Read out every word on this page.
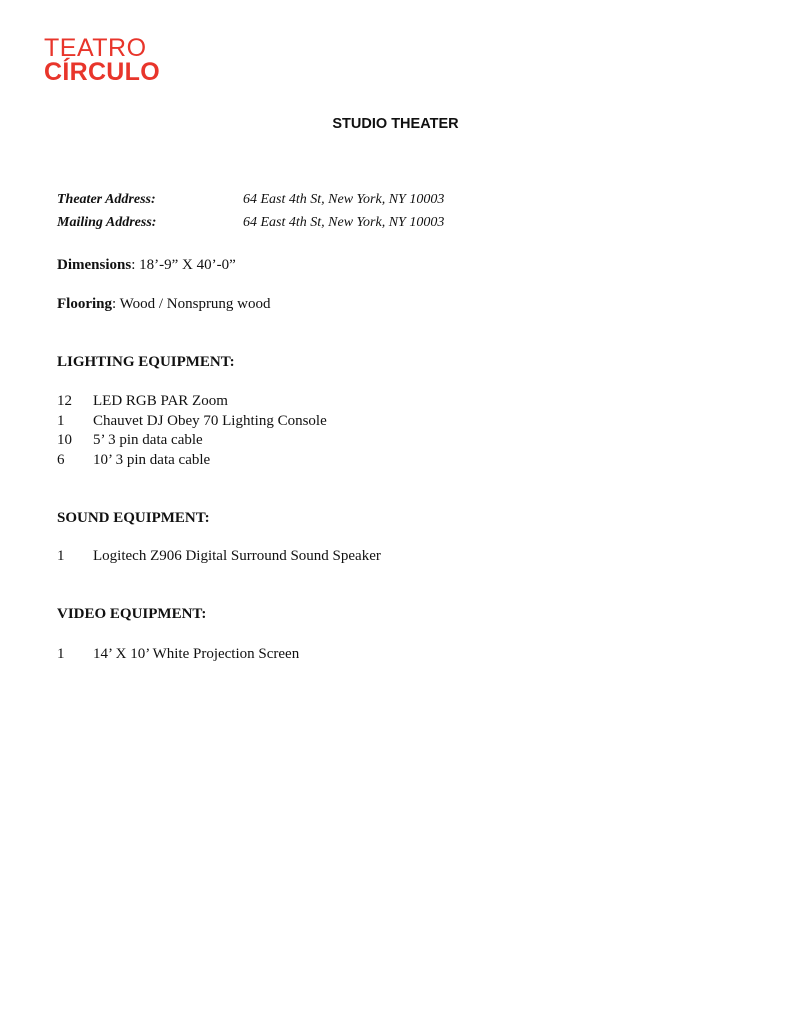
TEATRO
CÍRCULO
STUDIO THEATER
Theater Address:	64 East 4th St, New York, NY 10003
Mailing Address:	64 East 4th St, New York, NY 10003
Dimensions: 18’-9” X 40’-0”
Flooring: Wood / Nonsprung wood
LIGHTING EQUIPMENT:
12 LED RGB PAR Zoom
1 Chauvet DJ Obey 70 Lighting Console
10 5’ 3 pin data cable
6 10’ 3 pin data cable
SOUND EQUIPMENT:
1 Logitech Z906 Digital Surround Sound Speaker
VIDEO EQUIPMENT:
1 14’ X 10’ White Projection Screen
